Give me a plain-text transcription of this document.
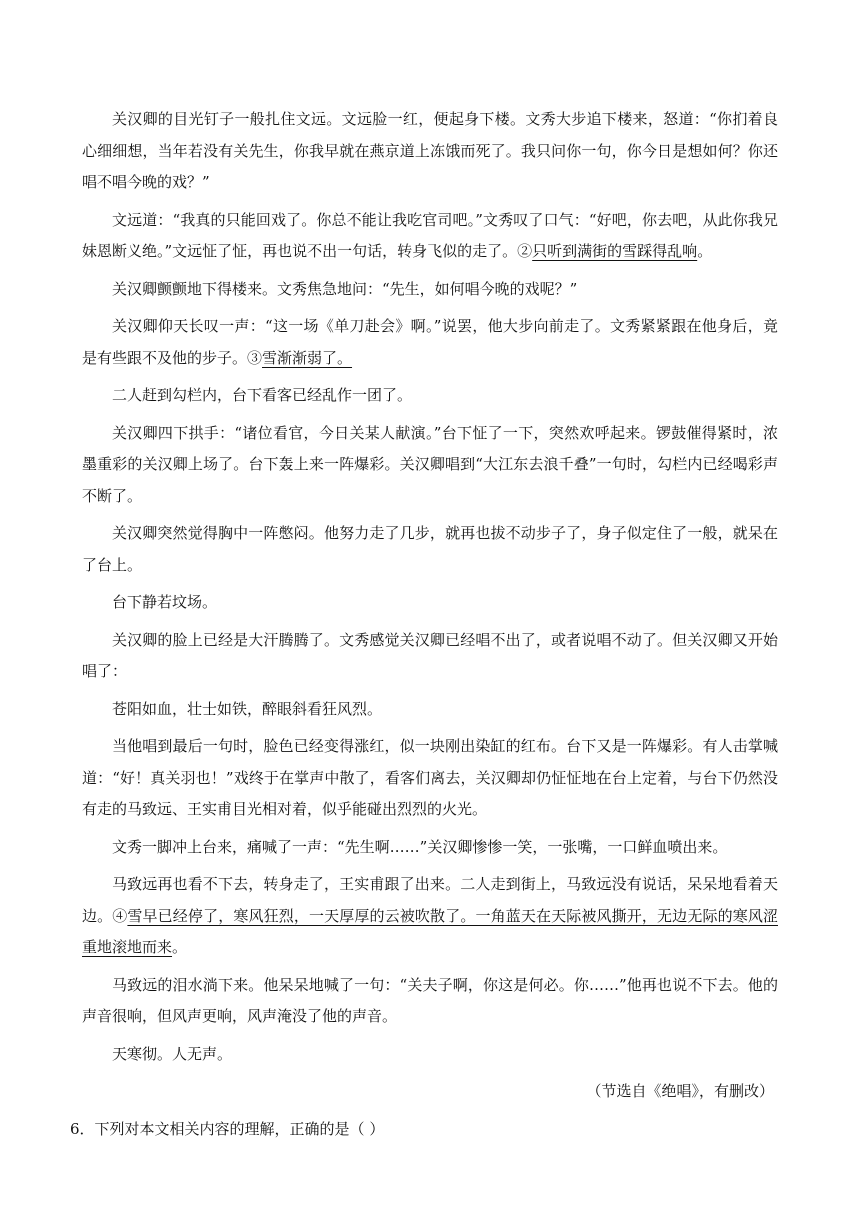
关汉卿的目光钉子一般扎住文远。文远脸一红，便起身下楼。文秀大步追下楼来，怒道：“你扪着良心细细想，当年若没有关先生，你我早就在燕京道上冻饿而死了。我只问你一句，你今日是想如何？你还唱不唱今晚的戏？”

文远道：“我真的只能回戏了。你总不能让我吃官司吧。”文秀叹了口气：“好吧，你去吧，从此你我兄妹恩断义绝。”文远怔了怔，再也说不出一句话，转身飞似的走了。②只听到满街的雪踩得乱响。

关汉卿颤颤地下得楼来。文秀焦急地问：“先生，如何唱今晚的戏呢？”

关汉卿仰天长叹一声：“这一场《单刀赴会》啊。”说罢，他大步向前走了。文秀紧紧跟在他身后，竟是有些跟不及他的步子。③雪渐渐弱了。

二人赶到勾栏内，台下看客已经乱作一团了。

关汉卿四下拱手：“诸位看官，今日关某人献演。”台下怔了一下，突然欢呼起来。锣鼓催得紧时，浓墨重彩的关汉卿上场了。台下轰上来一阵爆彩。关汉卿唱到“大江东去浪千叠”一句时，勾栏内已经喝彩声不断了。

关汉卿突然觉得胸中一阵憋闷。他努力走了几步，就再也拔不动步子了，身子似定住了一般，就呆在了台上。

台下静若坟场。

关汉卿的脸上已经是大汗腾腾了。文秀感觉关汉卿已经唱不出了，或者说唱不动了。但关汉卿又开始唱了：

苍阳如血，壮士如铁，醉眼斜看狂风烈。

当他唱到最后一句时，脸色已经变得涨红，似一块刚出染缸的红布。台下又是一阵爆彩。有人击掌喊道：“好！真关羽也！”戏终于在掌声中散了，看客们离去，关汉卿却仍怔怔地在台上定着，与台下仍然没有走的马致远、王实甫目光相对着，似乎能碰出烈烈的火光。

文秀一脚冲上台来，痛喊了一声：“先生啊……”关汉卿惨惨一笑，一张嘴，一口鲜血喷出来。

马致远再也看不下去，转身走了，王实甫跟了出来。二人走到街上，马致远没有说话，呆呆地看着天边。④雪早已经停了，寒风狂烈，一天厚厚的云被吹散了。一角蓝天在天际被风撕开，无边无际的寒风涩重地滚地而来。

马致远的泪水淌下来。他呆呆地喊了一句：“关夫子啊，你这是何必。你……”他再也说不下去。他的声音很响，但风声更响，风声淹没了他的声音。

天寒彻。人无声。

（节选自《绝唱》，有删改）

6．下列对本文相关内容的理解，正确的是（ ）
